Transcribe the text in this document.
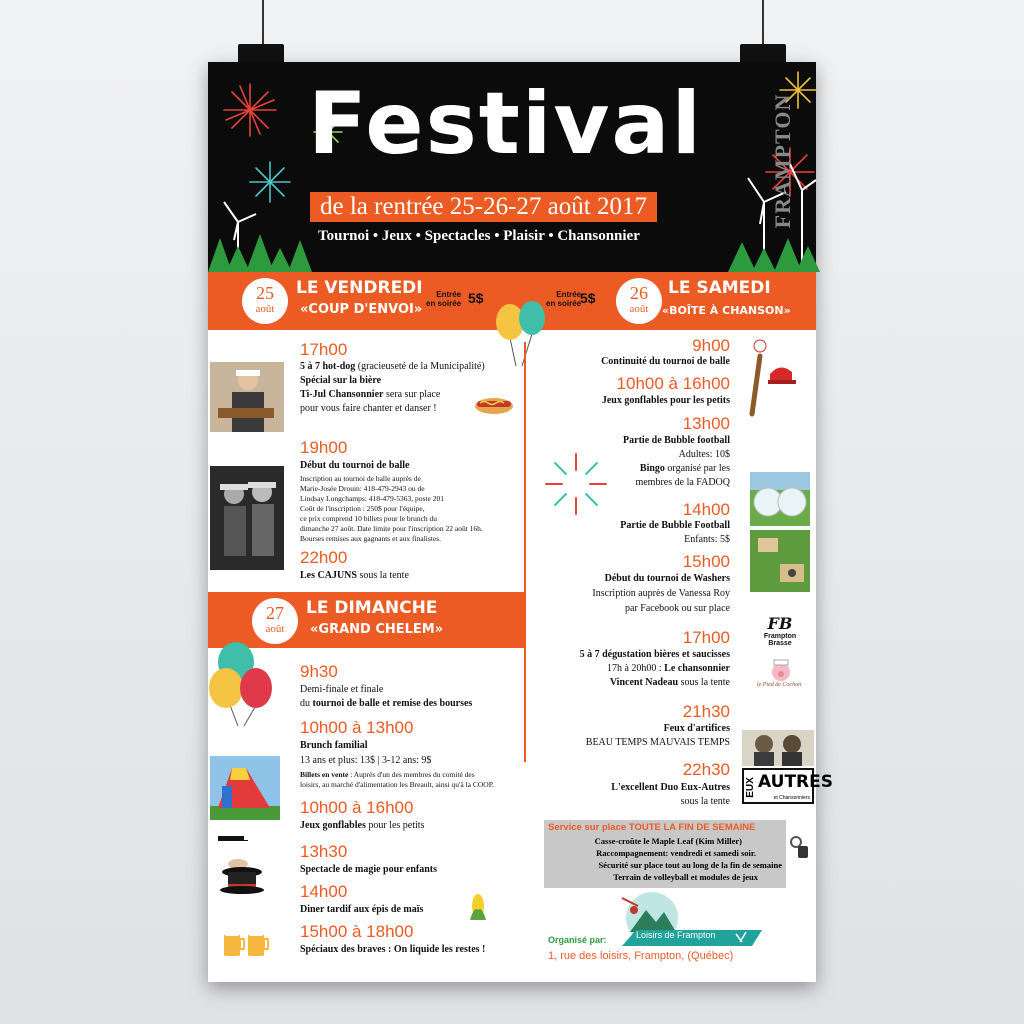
Festival
de la rentrée 25-26-27 août 2017
Tournoi • Jeux • Spectacles • Plaisir • Chansonnier
FRAMPTON
25
août
LE VENDREDI
«COUP D'ENVOI»
Entrée
en soirée 5$	Entrée
en soirée
5$	26
août
LE SAMEDI
«BOÎTE À CHANSON»
17h00
5 à 7 hot-dog (gracieuseté de la Municipalité)
Spécial sur la bière
Ti-Jul Chansonnier sera sur place
pour vous faire chanter et danser !
19h00
Début du tournoi de balle
Inscription au tournoi de balle auprès de
Marie-Josée Drouin: 418-479-2943 ou de
Lindsay Longchamps: 418-479-5363, poste 201
Coût de l'inscription : 250$ pour l'équipe,
ce prix comprend 10 billets pour le brunch du
dimanche 27 août. Date limite pour l'inscription 22 août 16h.
Bourses remises aux gagnants et aux finalistes.
22h00
Les CAJUNS sous la tente
27
août
LE DIMANCHE
«GRAND CHELEM»
9h30
Demi-finale et finale
du tournoi de balle et remise des bourses
10h00 à 13h00
Brunch familial
13 ans et plus: 13$ | 3-12 ans: 9$
Billets en vente : Auprès d'un des membres du comité des
loisirs, au marché d'alimentation les Breault, ainsi qu'à la COOP.
10h00 à 16h00
Jeux gonflables pour les petits
13h30
Spectacle de magie pour enfants
14h00
Diner tardif aux épis de maïs
15h00 à 18h00
Spéciaux des braves : On liquide les restes !
9h00
Continuité du tournoi de balle
10h00 à 16h00
Jeux gonflables pour les petits
13h00
Partie de Bubble football
Adultes: 10$
Bingo organisé par les
membres de la FADOQ
14h00
Partie de Bubble Football
Enfants: 5$
15h00
Début du tournoi de Washers
Inscription auprès de Vanessa Roy
par Facebook ou sur place
17h00
5 à 7 dégustation bières et saucisses
17h à 20h00 : Le chansonnier
Vincent Nadeau sous la tente
21h30
Feux d'artifices
BEAU TEMPS MAUVAIS TEMPS
22h30
L'excellent Duo Eux-Autres
sous la tente
FB
Frampton Brasse
le Pied de Cochon
EUX AUTRES
et Chansonniers
Service sur place TOUTE LA FIN DE SEMAINE
Casse-croûte le Maple Leaf (Kim Miller)
Raccompagnement: vendredi et samedi soir.
Sécurité sur place tout au long de la fin de semaine
Terrain de volleyball et modules de jeux
Organisé par:	Loisirs de Frampton
1, rue des loisirs, Frampton, (Québec)
